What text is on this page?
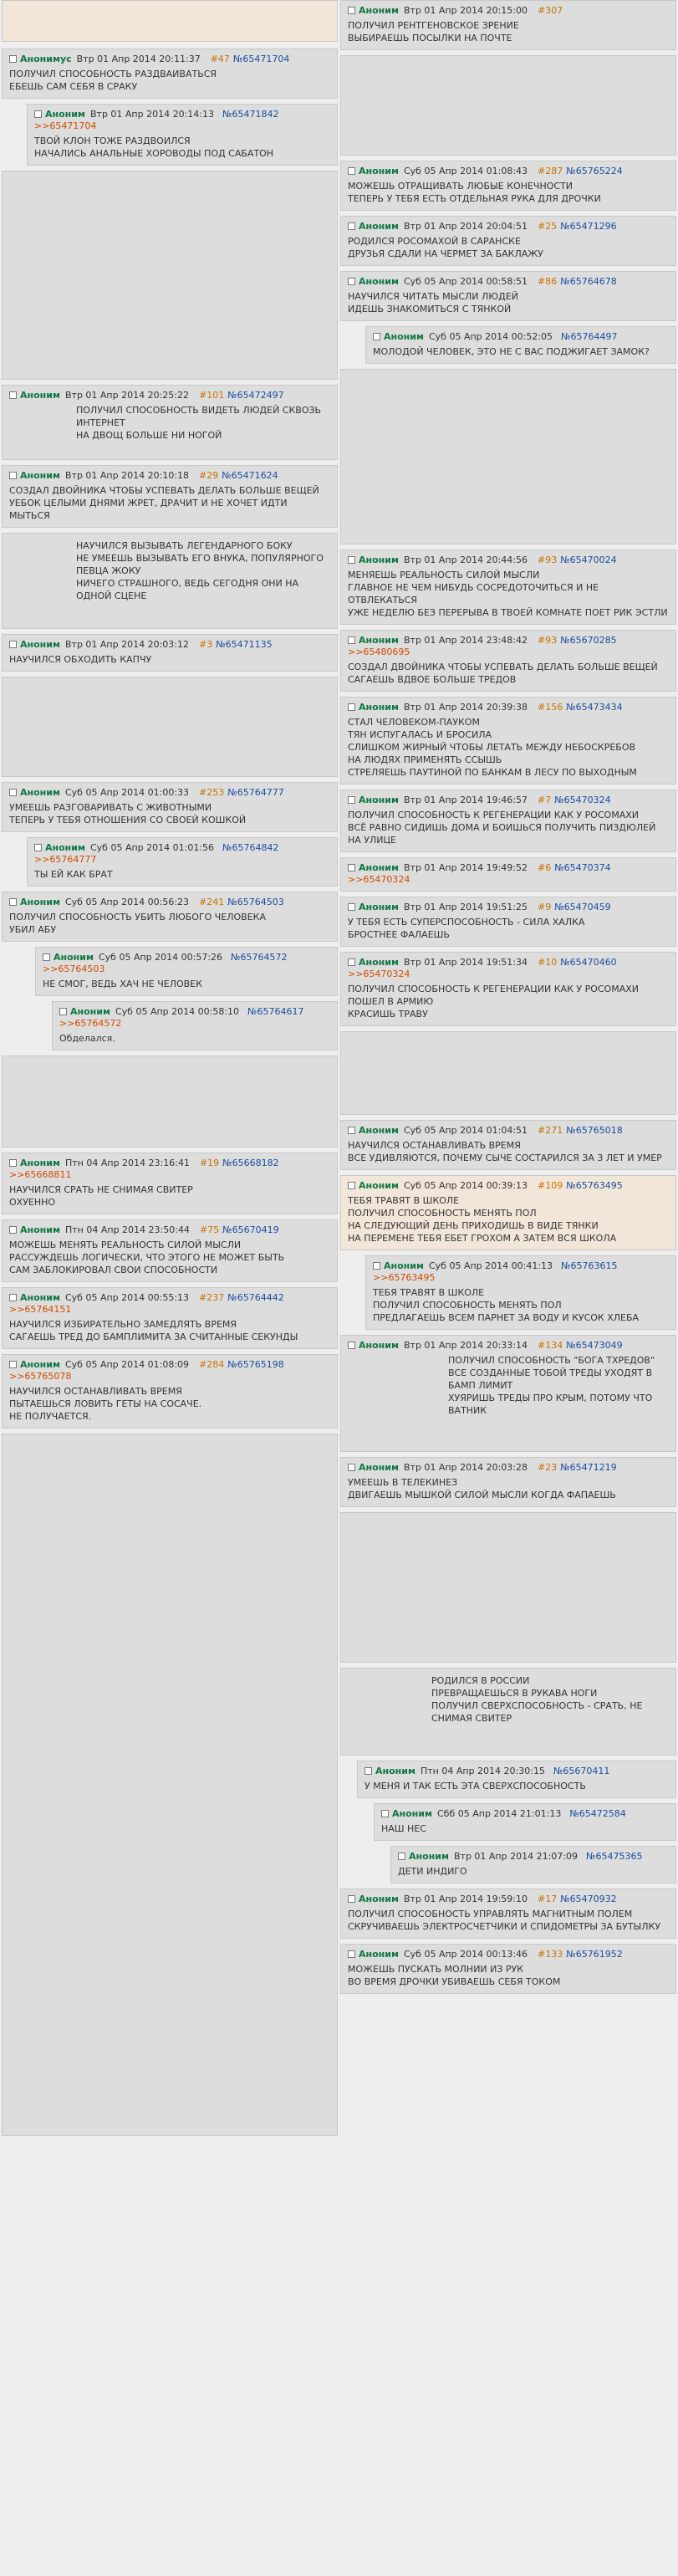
Анонимус Втр 01 Апр 2014 20:11:37 #47 №65471704
ПОЛУЧИЛ СПОСОБНОСТЬ РАЗДВАИВАТЬСЯ
ЕБЕШЬ САМ СЕБЯ В СРАКУ
Аноним Втр 01 Апр 2014 20:14:13 №65471842
>>65471704
ТВОЙ КЛОН ТОЖЕ РАЗДВОИЛСЯ
НАЧАЛИСЬ АНАЛЬНЫЕ ХОРОВОДЫ ПОД САБАТОН
Аноним Втр 01 Апр 2014 20:25:22 #101 №65472497
ПОЛУЧИЛ СПОСОБНОСТЬ ВИДЕТЬ ЛЮДЕЙ СКВОЗЬ ИНТЕРНЕТ
НА ДВОЩ БОЛЬШЕ НИ НОГОЙ
Аноним Втр 01 Апр 2014 20:10:18 #29 №65471624
СОЗДАЛ ДВОЙНИКА ЧТОБЫ УСПЕВАТЬ ДЕЛАТЬ БОЛЬШЕ ВЕЩЕЙ
УЕБОК ЦЕЛЫМИ ДНЯМИ ЖРЕТ, ДРАЧИТ И НЕ ХОЧЕТ ИДТИ МЫТЬСЯ
НАУЧИЛСЯ ВЫЗЫВАТЬ ЛЕГЕНДАРНОГО БОКУ
НЕ УМЕЕШЬ ВЫЗЫВАТЬ ЕГО ВНУКА, ПОПУЛЯРНОГО ПЕВЦА ЖОКУ
НИЧЕГО СТРАШНОГО, ВЕДЬ СЕГОДНЯ ОНИ НА ОДНОЙ СЦЕНЕ
Аноним Втр 01 Апр 2014 20:03:12 #3 №65471135
НАУЧИЛСЯ ОБХОДИТЬ КАПЧУ
Аноним Суб 05 Апр 2014 01:00:33 #253 №65764777
УМЕЕШЬ РАЗГОВАРИВАТЬ С ЖИВОТНЫМИ
ТЕПЕРЬ У ТЕБЯ ОТНОШЕНИЯ СО СВОЕЙ КОШКОЙ
Аноним Суб 05 Апр 2014 01:01:56 №65764842
>>65764777
ТЫ ЕЙ КАК БРАТ
Аноним Суб 05 Апр 2014 00:56:23 #241 №65764503
ПОЛУЧИЛ СПОСОБНОСТЬ УБИТЬ ЛЮБОГО ЧЕЛОВЕКА
УБИЛ АБУ
Аноним Суб 05 Апр 2014 00:57:26 №65764572
>>65764503
НЕ СМОГ, ВЕДЬ ХАЧ НЕ ЧЕЛОВЕК
Аноним Суб 05 Апр 2014 00:58:10 №65764617
>>65764572
Обделался.
Аноним Птн 04 Апр 2014 23:16:41 #19 №65668182
>>65668811
НАУЧИЛСЯ СРАТЬ НЕ СНИМАЯ СВИТЕР
ОХУЕННО
Аноним Птн 04 Апр 2014 23:50:44 #75 №65670419
МОЖЕШЬ МЕНЯТЬ РЕАЛЬНОСТЬ СИЛОЙ МЫСЛИ
РАССУЖДЕШЬ ЛОГИЧЕСКИ, ЧТО ЭТОГО НЕ МОЖЕТ БЫТЬ
САМ ЗАБЛОКИРОВАЛ СВОИ СПОСОБНОСТИ
Аноним Суб 05 Апр 2014 00:55:13 #237 №65764442
>>65764151
НАУЧИЛСЯ ИЗБИРАТЕЛЬНО ЗАМЕДЛЯТЬ ВРЕМЯ
САГАЕШЬ ТРЕД ДО БАМПЛИМИТА ЗА СЧИТАННЫЕ СЕКУНДЫ
Аноним Суб 05 Апр 2014 01:08:09 #284 №65765198
>>65765078
НАУЧИЛСЯ ОСТАНАВЛИВАТЬ ВРЕМЯ
ПЫТАЕШЬСЯ ЛОВИТЬ ГЕТЫ НА СОСАЧЕ.
НЕ ПОЛУЧАЕТСЯ.
Аноним Втр 01 Апр 2014 20:15:00 #307
ПОЛУЧИЛ РЕНТГЕНОВСКОЕ ЗРЕНИЕ
ВЫБИРАЕШЬ ПОСЫЛКИ НА ПОЧТЕ
Аноним Суб 05 Апр 2014 01:08:43 #287 №65765224
МОЖЕШЬ ОТРАЩИВАТЬ ЛЮБЫЕ КОНЕЧНОСТИ
ТЕПЕРЬ У ТЕБЯ ЕСТЬ ОТДЕЛЬНАЯ РУКА ДЛЯ ДРОЧКИ
Аноним Втр 01 Апр 2014 20:04:51 #25 №65471296
РОДИЛСЯ РОСОМАХОЙ В САРАНСКЕ
ДРУЗЬЯ СДАЛИ НА ЧЕРМЕТ ЗА БАКЛАЖУ
Аноним Суб 05 Апр 2014 00:58:51 #86 №65764678
НАУЧИЛСЯ ЧИТАТЬ МЫСЛИ ЛЮДЕЙ
ИДЕШЬ ЗНАКОМИТЬСЯ С ТЯНКОЙ
Аноним Суб 05 Апр 2014 00:52:05 №65764497
МОЛОДОЙ ЧЕЛОВЕК, ЭТО НЕ С ВАС ПОДЖИГАЕТ ЗАМОК?
Аноним Втр 01 Апр 2014 20:44:56 #93 №65470024
МЕНЯЕШЬ РЕАЛЬНОСТЬ СИЛОЙ МЫСЛИ
ГЛАВНОЕ НЕ ЧЕМ НИБУДЬ СОСРЕДОТОЧИТЬСЯ И НЕ ОТВЛЕКАТЬСЯ
УЖЕ НЕДЕЛЮ БЕЗ ПЕРЕРЫВА В ТВОЕЙ КОМНАТЕ ПОЕТ РИК ЭСТЛИ
Аноним Втр 01 Апр 2014 23:48:42 #93 №65670285
>>65480695
СОЗДАЛ ДВОЙНИКА ЧТОБЫ УСПЕВАТЬ ДЕЛАТЬ БОЛЬШЕ ВЕЩЕЙ
САГАЕШЬ ВДВОЕ БОЛЬШЕ ТРЕДОВ
Аноним Втр 01 Апр 2014 20:39:38 #156 №65473434
СТАЛ ЧЕЛОВЕКОМ-ПАУКОМ
ТЯН ИСПУГАЛАСЬ И БРОСИЛА
СЛИШКОМ ЖИРНЫЙ ЧТОБЫ ЛЕТАТЬ МЕЖДУ НЕБОСКРЕБОВ
НА ЛЮДЯХ ПРИМЕНЯТЬ ССЫШЬ
СТРЕЛЯЕШЬ ПАУТИНОЙ ПО БАНКАМ В ЛЕСУ ПО ВЫХОДНЫМ
Аноним Втр 01 Апр 2014 19:46:57 #7 №65470324
ПОЛУЧИЛ СПОСОБНОСТЬ К РЕГЕНЕРАЦИИ КАК У РОСОМАХИ
ВСЁ РАВНО СИДИШЬ ДОМА И БОИШЬСЯ ПОЛУЧИТЬ ПИЗДЮЛЕЙ НА УЛИЦЕ
Аноним Втр 01 Апр 2014 19:49:52 #6 №65470374
>>65470324
Аноним Втр 01 Апр 2014 19:51:25 #9 №65470459
У ТЕБЯ ЕСТЬ СУПЕРСПОСОБНОСТЬ - СИЛА ХАЛКА
БРОСТНЕЕ ФАЛАЕШЬ
Аноним Втр 01 Апр 2014 19:51:34 #10 №65470460
>>65470324
ПОЛУЧИЛ СПОСОБНОСТЬ К РЕГЕНЕРАЦИИ КАК У РОСОМАХИ
ПОШЕЛ В АРМИЮ
КРАСИШЬ ТРАВУ
Аноним Суб 05 Апр 2014 01:04:51 #271 №65765018
НАУЧИЛСЯ ОСТАНАВЛИВАТЬ ВРЕМЯ
ВСЕ УДИВЛЯЮТСЯ, ПОЧЕМУ СЫЧЕ СОСТАРИЛСЯ ЗА 3 ЛЕТ И УМЕР
Аноним Суб 05 Апр 2014 00:39:13 #109 №65763495
ТЕБЯ ТРАВЯТ В ШКОЛЕ
ПОЛУЧИЛ СПОСОБНОСТЬ МЕНЯТЬ ПОЛ
НА СЛЕДУЮЩИЙ ДЕНЬ ПРИХОДИШЬ В ВИДЕ ТЯНКИ
НА ПЕРЕМЕНЕ ТЕБЯ ЕБЕТ ГРОХОМ А ЗАТЕМ ВСЯ ШКОЛА
Аноним Суб 05 Апр 2014 00:41:13 №65763615
>>65763495
ТЕБЯ ТРАВЯТ В ШКОЛЕ
ПОЛУЧИЛ СПОСОБНОСТЬ МЕНЯТЬ ПОЛ
ПРЕДЛАГАЕШЬ ВСЕМ ПАРНЕТ ЗА ВОДУ И КУСОК ХЛЕБА
Аноним Втр 01 Апр 2014 20:33:14 #134 №65473049
ПОЛУЧИЛ СПОСОБНОСТЬ "БОГА ТХРЕДОВ"
ВСЕ СОЗДАННЫЕ ТОБОЙ ТРЕДЫ УХОДЯТ В БАМП ЛИМИТ
ХУЯРИШЬ ТРЕДЫ ПРО КРЫМ, ПОТОМУ ЧТО ВАТНИК
Аноним Втр 01 Апр 2014 20:03:28 #23 №65471219
УМЕЕШЬ В ТЕЛЕКИНЕЗ
ДВИГАЕШЬ МЫШКОЙ СИЛОЙ МЫСЛИ КОГДА ФАПАЕШЬ
РОДИЛСЯ В РОССИИ
ПРЕВРАЩАЕШЬСЯ В РУКАВА НОГИ
ПОЛУЧИЛ СВЕРХСПОСОБНОСТЬ - СРАТЬ, НЕ СНИМАЯ СВИТЕР
Аноним Птн 04 Апр 2014 20:30:15 №65670411
У МЕНЯ И ТАК ЕСТЬ ЭТА СВЕРХСПОСОБНОСТЬ
Аноним Сбб 05 Апр 2014 21:01:13 №65472584
НАШ НЕС
Аноним Втр 01 Апр 2014 21:07:09 №65475365
ДЕТИ ИНДИГО
Аноним Втр 01 Апр 2014 19:59:10 #17 №65470932
ПОЛУЧИЛ СПОСОБНОСТЬ УПРАВЛЯТЬ МАГНИТНЫМ ПОЛЕМ
СКРУЧИВАЕШЬ ЭЛЕКТРОСЧЕТЧИКИ И СПИДОМЕТРЫ ЗА БУТЫЛКУ
Аноним Суб 05 Апр 2014 00:13:46 #133 №65761952
МОЖЕШЬ ПУСКАТЬ МОЛНИИ ИЗ РУК
ВО ВРЕМЯ ДРОЧКИ УБИВАЕШЬ СЕБЯ ТОКОМ
